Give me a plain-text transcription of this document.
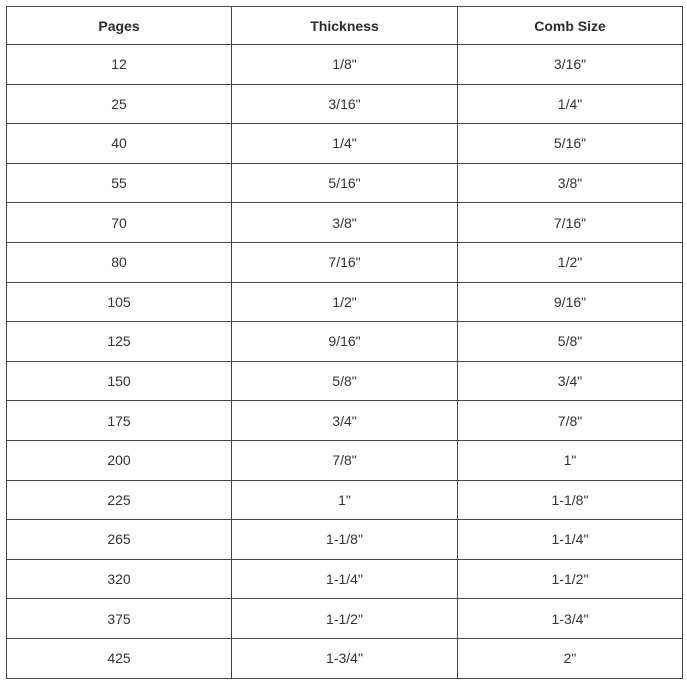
Pages	Thickness	Comb Size
12	1/8"	3/16"
25	3/16"	1/4"
40	1/4"	5/16"
55	5/16"	3/8"
70	3/8"	7/16"
80	7/16"	1/2"
105	1/2"	9/16"
125	9/16"	5/8"
150	5/8"	3/4"
175	3/4"	7/8"
200	7/8"	1"
225	1"	1-1/8"
265	1-1/8"	1-1/4"
320	1-1/4"	1-1/2"
375	1-1/2"	1-3/4"
425	1-3/4"	2"
